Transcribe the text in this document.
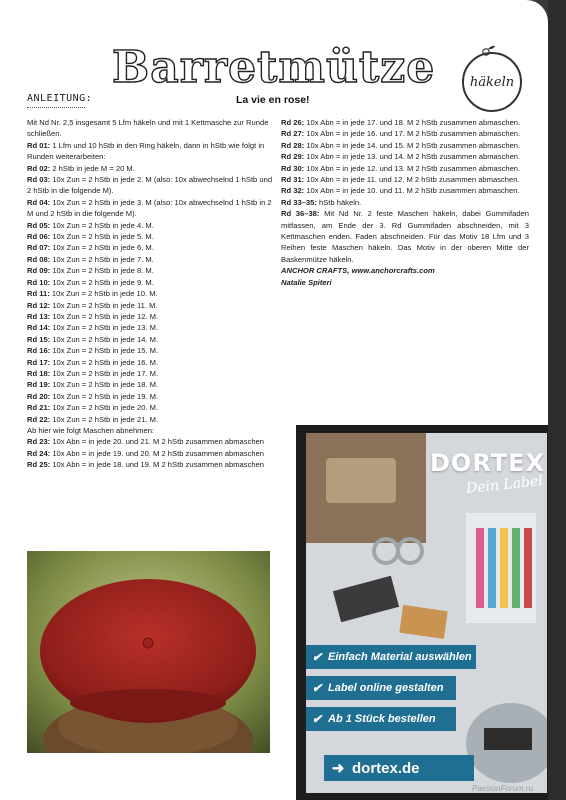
Barretmütze	häkeln
ANLEITUNG:	La vie en rose!

Mit Nd Nr. 2,5 insgesamt 5 Lfm häkeln und mit 1 Kettmasche zur Runde schließen.

Rd 01: 1 Lfm und 10 hStb in den Ring häkeln, dann in hStb wie folgt in Runden weiterarbeiten:

Rd 02: 2 hStb in jede M = 20 M.

Rd 03: 10x Zun = 2 hStb in jede 2. M (also: 10x abwechselnd 1 hStb und 2 hStb in die folgende M).

Rd 04: 10x Zun = 2 hStb in jede 3. M (also: 10x abwechselnd 1 hStb in 2 M und 2 hStb in die folgende M).

Rd 05: 10x Zun = 2 hStb in jede 4. M.

Rd 06: 10x Zun = 2 hStb in jede 5. M.

Rd 07: 10x Zun = 2 hStb in jede 6. M.

Rd 08: 10x Zun = 2 hStb in jede 7. M.

Rd 09: 10x Zun = 2 hStb in jede 8. M.

Rd 10: 10x Zun = 2 hStb in jede 9. M.

Rd 11: 10x Zun = 2 hStb in jede 10. M.

Rd 12: 10x Zun = 2 hStb in jede 11. M.

Rd 13: 10x Zun = 2 hStb in jede 12. M.

Rd 14: 10x Zun = 2 hStb in jede 13. M.

Rd 15: 10x Zun = 2 hStb in jede 14. M.

Rd 16: 10x Zun = 2 hStb in jede 15. M.

Rd 17: 10x Zun = 2 hStb in jede 16. M.

Rd 18: 10x Zun = 2 hStb in jede 17. M.

Rd 19: 10x Zun = 2 hStb in jede 18. M.

Rd 20: 10x Zun = 2 hStb in jede 19. M.

Rd 21: 10x Zun = 2 hStb in jede 20. M.

Rd 22: 10x Zun = 2 hStb in jede 21. M.

Ab hier wie folgt Maschen abnehmen:

Rd 23: 10x Abn = in jede 20. und 21. M 2 hStb zusammen abmaschen

Rd 24: 10x Abn = in jede 19. und 20. M 2 hStb zusammen abmaschen

Rd 25: 10x Abn = in jede 18. und 19. M 2 hStb zusammen abmaschen

Rd 26: 10x Abn = in jede 17. und 18. M 2 hStb zusammen abmaschen.

Rd 27: 10x Abn = in jede 16. und 17. M 2 hStb zusammen abmaschen.

Rd 28: 10x Abn = in jede 14. und 15. M 2 hStb zusammen abmaschen.

Rd 29: 10x Abn = in jede 13. und 14. M 2 hStb zusammen abmaschen.

Rd 30: 10x Abn = in jede 12. und 13. M 2 hStb zusammen abmaschen.

Rd 31: 10x Abn = in jede 11. und 12. M 2 hStb zusammen abmaschen.

Rd 32: 10x Abn = in jede 10. und 11. M 2 hStb zusammen abmaschen.

Rd 33–35: hStb häkeln.

Rd 36–38: Mit Nd Nr. 2 feste Maschen häkeln, dabei Gummifaden mitfassen, am Ende der 3. Rd Gummifaden abschneiden, mit 3 Kettmaschen enden. Faden abschneiden. Für das Motiv 18 Lfm und 3 Reihen feste Maschen häkeln. Das Motiv in der oberen Mitte der Baskenmütze häkeln.

ANCHOR CRAFTS, www.anchorcrafts.com

Natalie Spiteri

DORTEX
Dein Label
✔ Einfach Material auswählen
✔ Label online gestalten
✔ Ab 1 Stück bestellen
➜ dortex.de
PassionForum.ru
